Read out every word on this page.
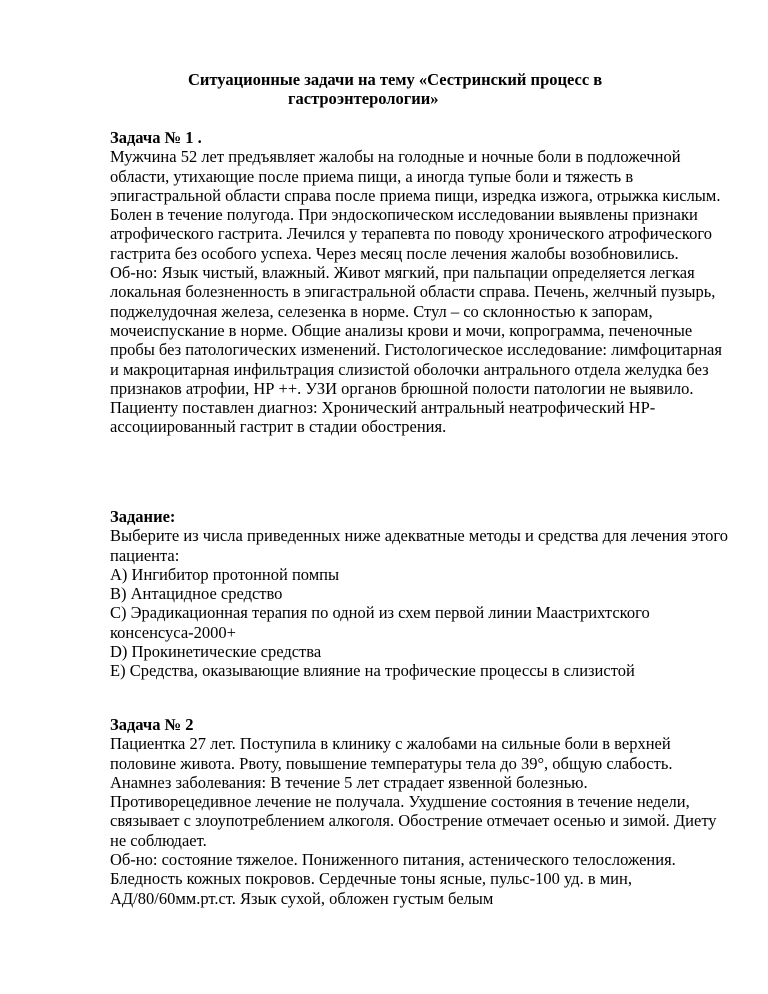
Ситуационные задачи на тему «Сестринский процесс в
гастроэнтерологии»

Задача № 1 .

Мужчина 52 лет предъявляет жалобы на голодные и ночные боли в подложечной области, утихающие после приема пищи, а иногда тупые боли и тяжесть в эпигастральной области справа после приема пищи, изредка изжога, отрыжка кислым. Болен в течение полугода. При эндоскопическом исследовании выявлены признаки атрофического гастрита. Лечился у терапевта по поводу хронического атрофического гастрита без особого успеха. Через месяц после лечения жалобы возобновились.

Об-но: Язык чистый, влажный. Живот мягкий, при пальпации определяется легкая локальная болезненность в эпигастральной области справа. Печень, желчный пузырь, поджелудочная железа, селезенка в норме. Стул – со склонностью к запорам, мочеиспускание в норме. Общие анализы крови и мочи, копрограмма, печеночные пробы без патологических изменений. Гистологическое исследование: лимфоцитарная и макроцитарная инфильтрация слизистой оболочки антрального отдела желудка без признаков атрофии, НР ++. УЗИ органов брюшной полости патологии не выявило.

Пациенту поставлен диагноз: Хронический антральный неатрофический НР-ассоциированный гастрит в стадии обострения.

Задание:

Выберите из числа приведенных ниже адекватные методы и средства для лечения этого пациента:

А) Ингибитор протонной помпы
В) Антацидное средство
С) Эрадикационная терапия по одной из схем первой линии Маастрихтского консенсуса-2000+
D) Прокинетические средства
Е) Средства, оказывающие влияние на трофические процессы в слизистой

Задача № 2

Пациентка 27 лет. Поступила в клинику с жалобами на сильные боли в верхней половине живота. Рвоту, повышение температуры тела до 39°, общую слабость.

Анамнез заболевания: В течение 5 лет страдает язвенной болезнью. Противорецедивное лечение не получала. Ухудшение состояния в течение недели, связывает с злоупотреблением алкоголя. Обострение отмечает осенью и зимой. Диету не соблюдает.

Об-но: состояние тяжелое. Пониженного питания, астенического телосложения. Бледность кожных покровов. Сердечные тоны ясные, пульс-100 уд. в мин, АД/80/60мм.рт.ст. Язык сухой, обложен густым белым
